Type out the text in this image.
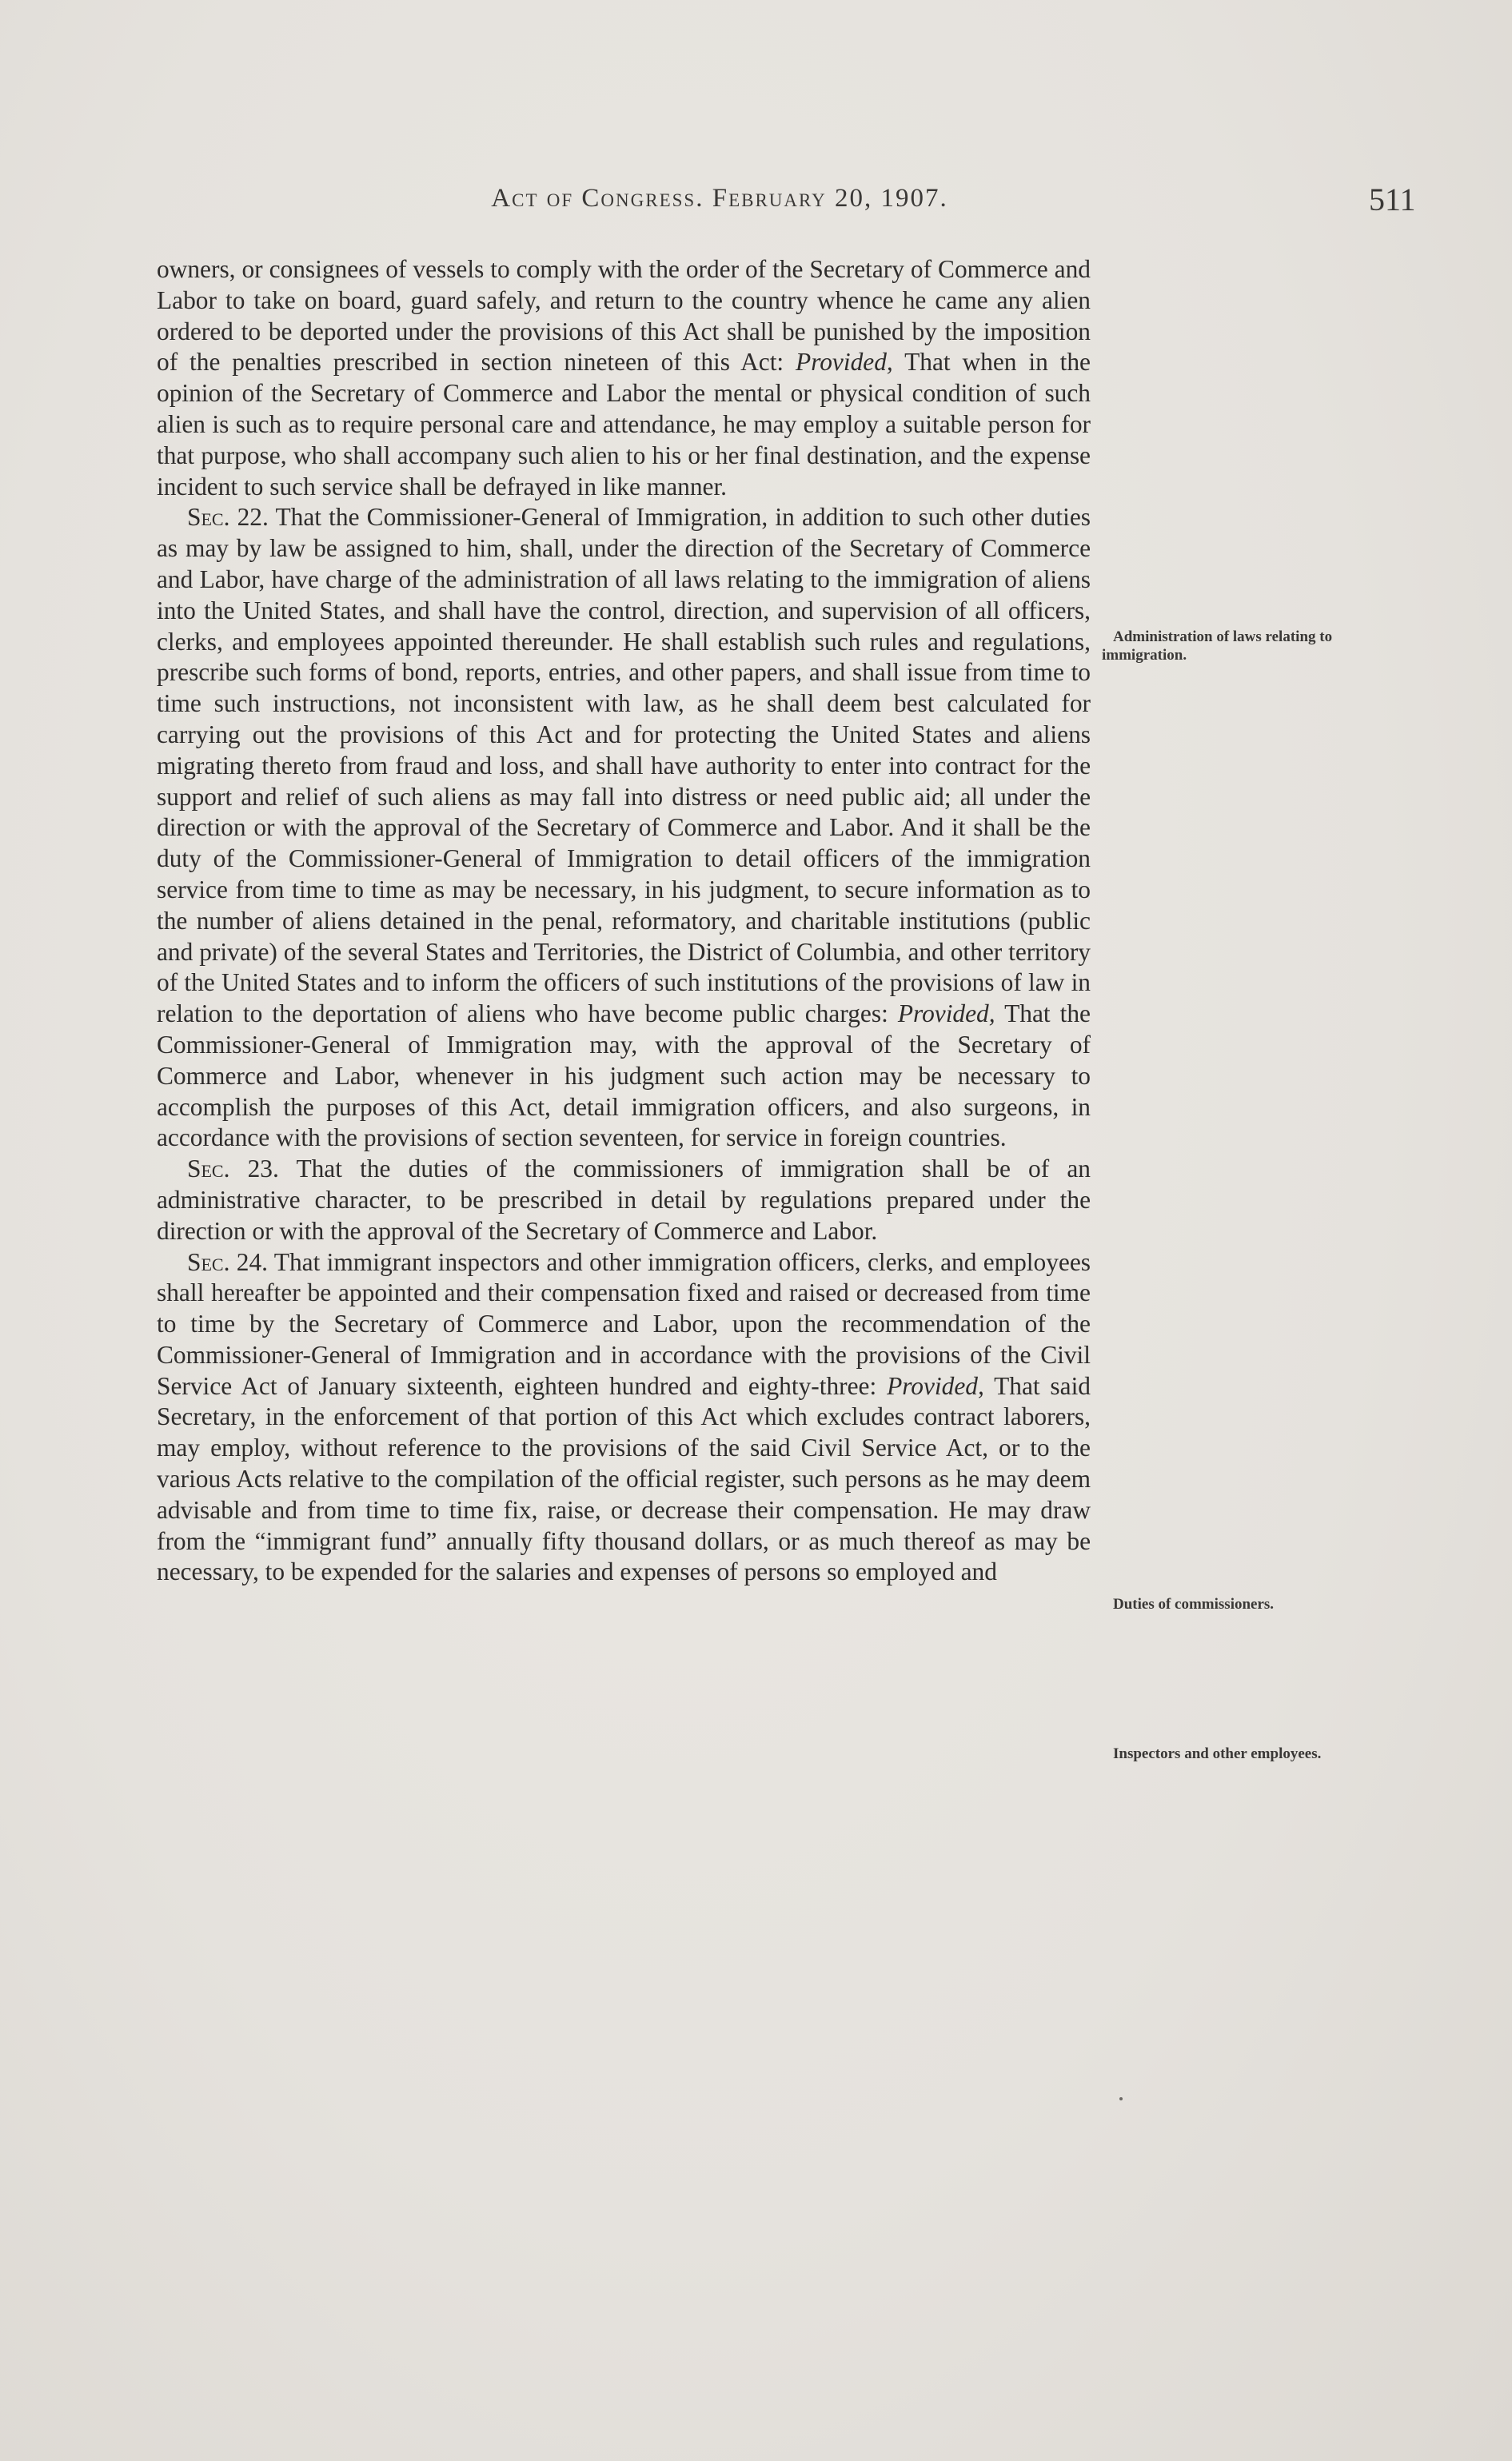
Act of Congress. February 20, 1907.	511

owners, or consignees of vessels to comply with the order of the Secretary of Commerce and Labor to take on board, guard safely, and return to the country whence he came any alien ordered to be deported under the provisions of this Act shall be punished by the imposition of the penalties prescribed in section nineteen of this Act: Provided, That when in the opinion of the Secretary of Commerce and Labor the mental or physical condition of such alien is such as to require personal care and attendance, he may employ a suitable person for that purpose, who shall accompany such alien to his or her final destination, and the expense incident to such service shall be defrayed in like manner.

Sec. 22. That the Commissioner-General of Immigration, in addition to such other duties as may by law be assigned to him, shall, under the direction of the Secretary of Commerce and Labor, have charge of the administration of all laws relating to the immigration of aliens into the United States, and shall have the control, direction, and supervision of all officers, clerks, and employees appointed thereunder. He shall establish such rules and regulations, prescribe such forms of bond, reports, entries, and other papers, and shall issue from time to time such instructions, not inconsistent with law, as he shall deem best calculated for carrying out the provisions of this Act and for protecting the United States and aliens migrating thereto from fraud and loss, and shall have authority to enter into contract for the support and relief of such aliens as may fall into distress or need public aid; all under the direction or with the approval of the Secretary of Commerce and Labor. And it shall be the duty of the Commissioner-General of Immigration to detail officers of the immigration service from time to time as may be necessary, in his judgment, to secure information as to the number of aliens detained in the penal, reformatory, and charitable institutions (public and private) of the several States and Territories, the District of Columbia, and other territory of the United States and to inform the officers of such institutions of the provisions of law in relation to the deportation of aliens who have become public charges: Provided, That the Commissioner-General of Immigration may, with the approval of the Secretary of Commerce and Labor, whenever in his judgment such action may be necessary to accomplish the purposes of this Act, detail immigration officers, and also surgeons, in accordance with the provisions of section seventeen, for service in foreign countries.

Sec. 23. That the duties of the commissioners of immigration shall be of an administrative character, to be prescribed in detail by regulations prepared under the direction or with the approval of the Secretary of Commerce and Labor.

Sec. 24. That immigrant inspectors and other immigration officers, clerks, and employees shall hereafter be appointed and their compensation fixed and raised or decreased from time to time by the Secretary of Commerce and Labor, upon the recommendation of the Commissioner-General of Immigration and in accordance with the provisions of the Civil Service Act of January sixteenth, eighteen hundred and eighty-three: Provided, That said Secretary, in the enforcement of that portion of this Act which excludes contract laborers, may employ, without reference to the provisions of the said Civil Service Act, or to the various Acts relative to the compilation of the official register, such persons as he may deem advisable and from time to time fix, raise, or decrease their compensation. He may draw from the “immigrant fund” annually fifty thousand dollars, or as much thereof as may be necessary, to be expended for the salaries and expenses of persons so employed and

Administration of laws relating to immigration.
Duties of commissioners.
Inspectors and other employees.
